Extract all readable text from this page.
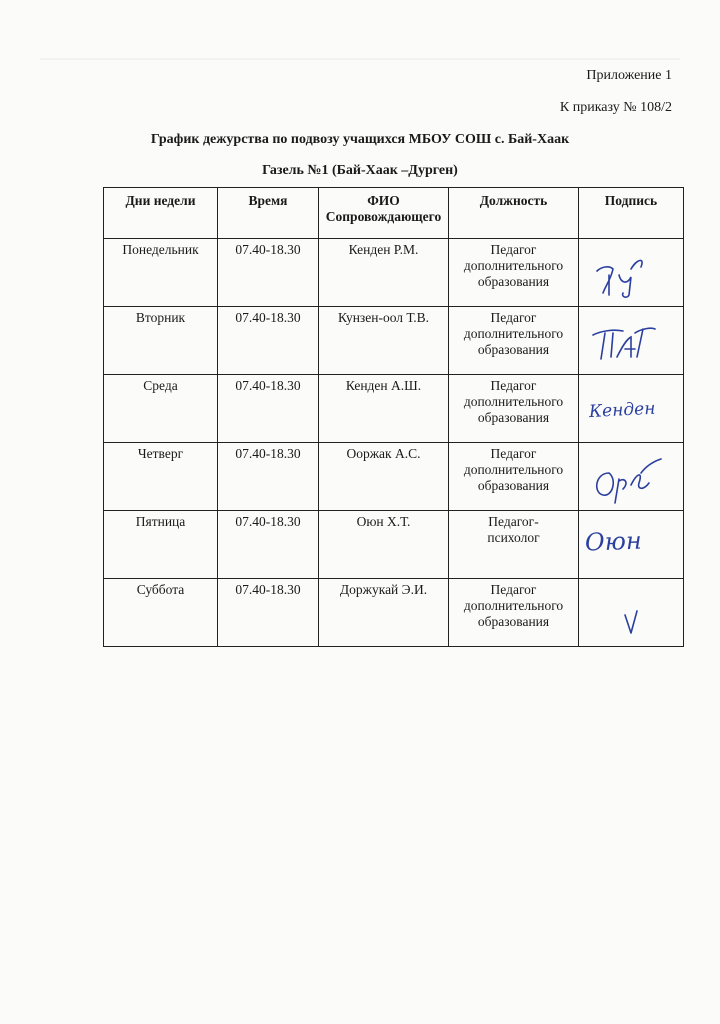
Приложение 1

К приказу № 108/2

График дежурства по подвозу учащихся МБОУ СОШ с. Бай-Хаак

Газель №1 (Бай-Хаак –Дурген)

Дни недели	Время	ФИО
Сопровождающего	Должность	Подпись
Понедельник	07.40-18.30	Кенден Р.М.	Педагог
дополнительного
образования	

Вторник	07.40-18.30	Кунзен-оол Т.В.	Педагог
дополнительного
образования	

Среда	07.40-18.30	Кенден А.Ш.	Педагог
дополнительного
образования	Кенден

Четверг	07.40-18.30	Ооржак А.С.	Педагог
дополнительного
образования	

Пятница	07.40-18.30	Оюн Х.Т.	Педагог-
психолог	Оюн

Суббота	07.40-18.30	Доржукай Э.И.	Педагог
дополнительного
образования	
